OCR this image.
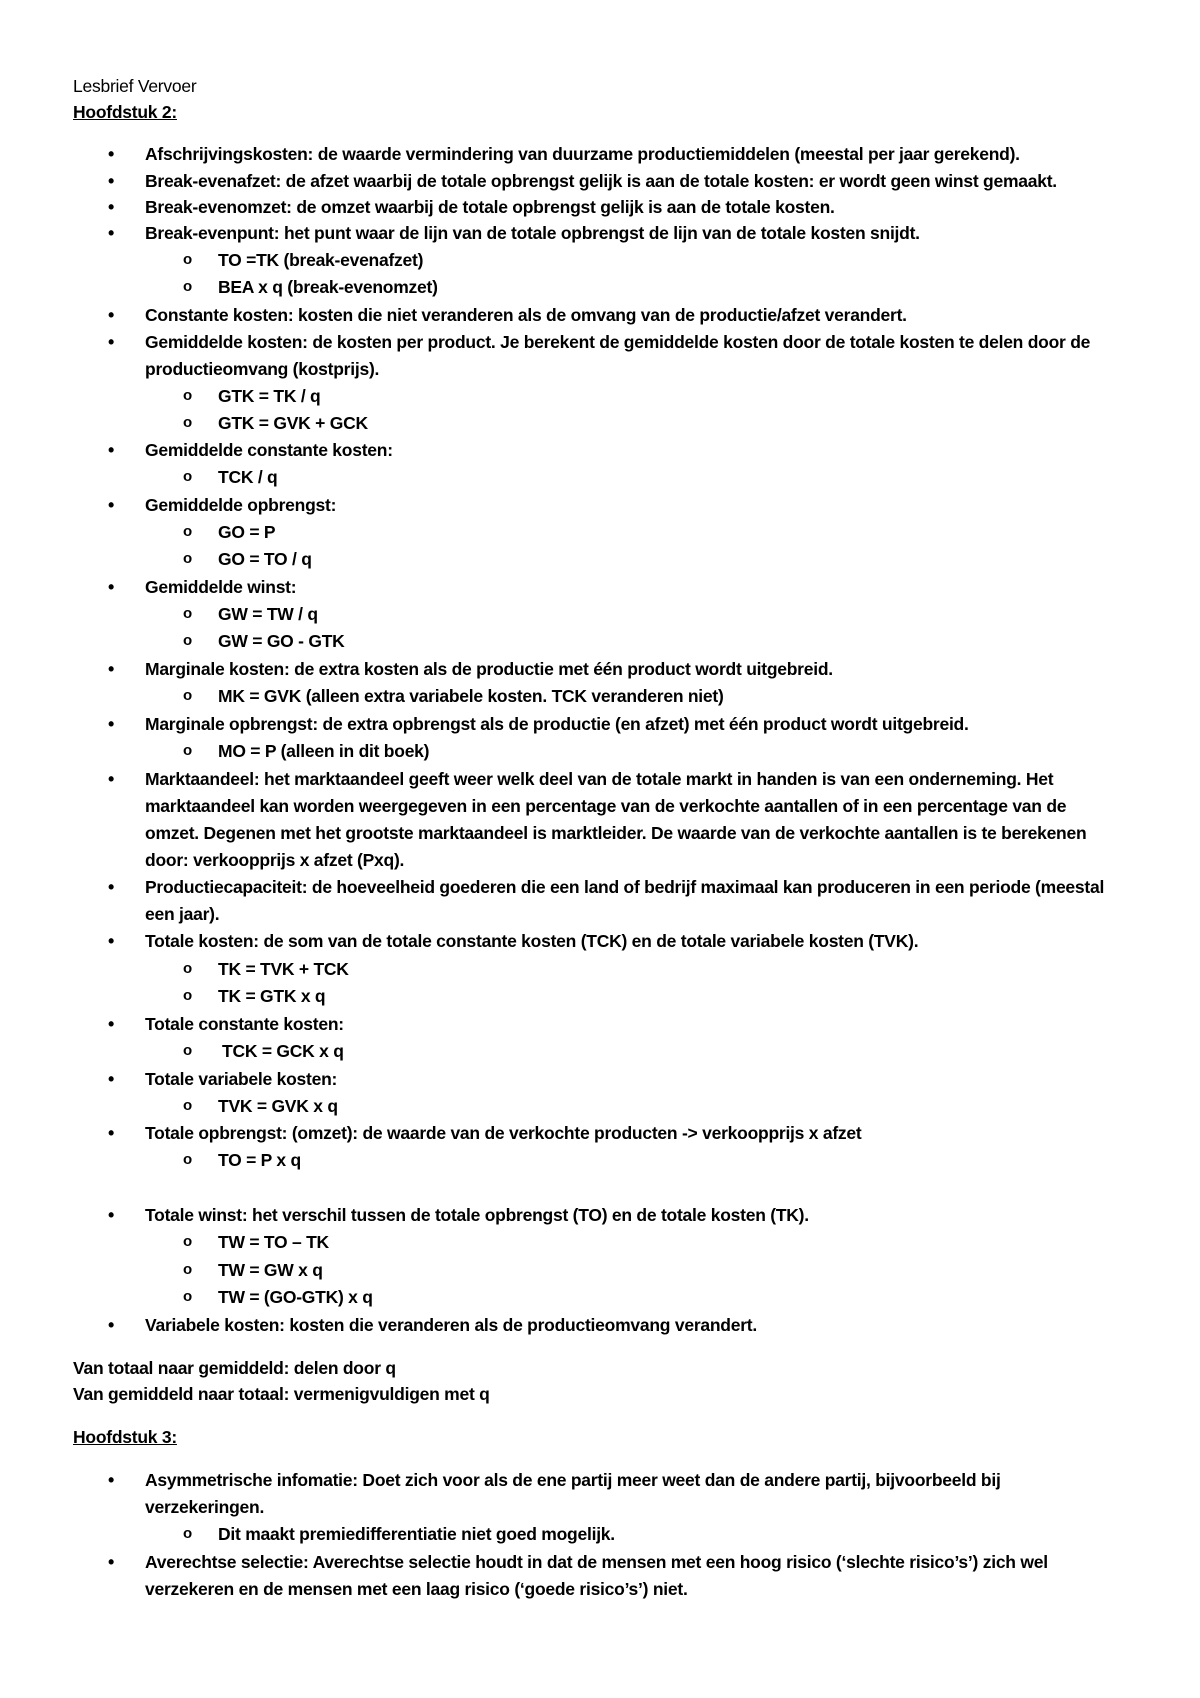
Lesbrief Vervoer
Hoofdstuk 2:
• Afschrijvingskosten: de waarde vermindering van duurzame productiemiddelen (meestal per jaar gerekend).
• Break-evenafzet: de afzet waarbij de totale opbrengst gelijk is aan de totale kosten: er wordt geen winst gemaakt.
• Break-evenomzet: de omzet waarbij de totale opbrengst gelijk is aan de totale kosten.
• Break-evenpunt: het punt waar de lijn van de totale opbrengst de lijn van de totale kosten snijdt.
o TO =TK (break-evenafzet)
o BEA x q (break-evenomzet)
• Constante kosten: kosten die niet veranderen als de omvang van de productie/afzet verandert.
• Gemiddelde kosten: de kosten per product. Je berekent de gemiddelde kosten door de totale kosten te delen door de
productieomvang (kostprijs).
o GTK = TK / q
o GTK = GVK + GCK
• Gemiddelde constante kosten:
o TCK / q
• Gemiddelde opbrengst:
o GO = P
o GO = TO / q
• Gemiddelde winst:
o GW = TW / q
o GW = GO - GTK
• Marginale kosten: de extra kosten als de productie met één product wordt uitgebreid.
o MK = GVK (alleen extra variabele kosten. TCK veranderen niet)
• Marginale opbrengst: de extra opbrengst als de productie (en afzet) met één product wordt uitgebreid.
o MO = P (alleen in dit boek)
• Marktaandeel: het marktaandeel geeft weer welk deel van de totale markt in handen is van een onderneming. Het
marktaandeel kan worden weergegeven in een percentage van de verkochte aantallen of in een percentage van de
omzet. Degenen met het grootste marktaandeel is marktleider. De waarde van de verkochte aantallen is te berekenen
door: verkoopprijs x afzet (Pxq).
• Productiecapaciteit: de hoeveelheid goederen die een land of bedrijf maximaal kan produceren in een periode (meestal
een jaar).
• Totale kosten: de som van de totale constante kosten (TCK) en de totale variabele kosten (TVK).
o TK = TVK + TCK
o TK = GTK x q
• Totale constante kosten:
o TCK = GCK x q
• Totale variabele kosten:
o TVK = GVK x q
• Totale opbrengst: (omzet): de waarde van de verkochte producten -> verkoopprijs x afzet
o TO = P x q
• Totale winst: het verschil tussen de totale opbrengst (TO) en de totale kosten (TK).
o TW = TO – TK
o TW = GW x q
o TW = (GO-GTK) x q
• Variabele kosten: kosten die veranderen als de productieomvang verandert.
Van totaal naar gemiddeld: delen door q
Van gemiddeld naar totaal: vermenigvuldigen met q
Hoofdstuk 3:
• Asymmetrische infomatie: Doet zich voor als de ene partij meer weet dan de andere partij, bijvoorbeeld bij
verzekeringen.
o Dit maakt premiedifferentiatie niet goed mogelijk.
• Averechtse selectie: Averechtse selectie houdt in dat de mensen met een hoog risico (‘slechte risico’s’) zich wel
verzekeren en de mensen met een laag risico (‘goede risico’s’) niet.
